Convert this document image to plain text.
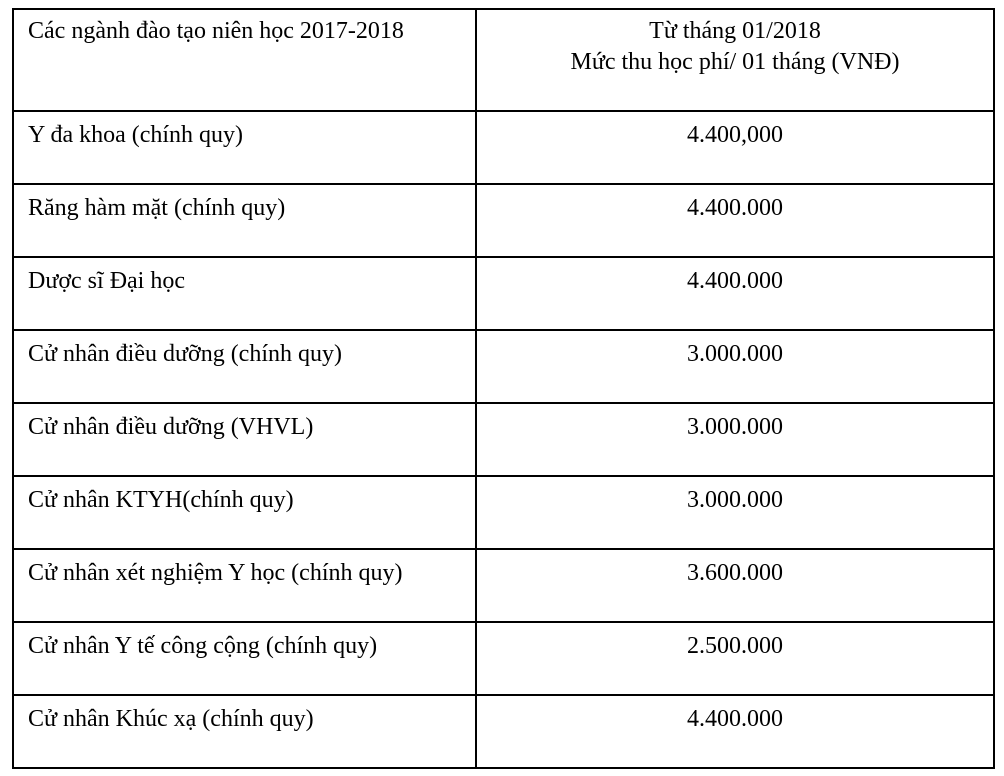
Các ngành đào tạo niên học 2017-2018	Từ tháng 01/2018
Mức thu học phí/ 01 tháng (VNĐ)

Y đa khoa (chính quy)	4.400,000
Răng hàm mặt (chính quy)	4.400.000
Dược sĩ Đại học	4.400.000
Cử nhân điều dưỡng (chính quy)	3.000.000
Cử nhân điều dưỡng (VHVL)	3.000.000
Cử nhân KTYH(chính quy)	3.000.000
Cử nhân xét nghiệm Y học (chính quy)	3.600.000
Cử nhân Y tế công cộng (chính quy)	2.500.000
Cử nhân Khúc xạ (chính quy)	4.400.000
